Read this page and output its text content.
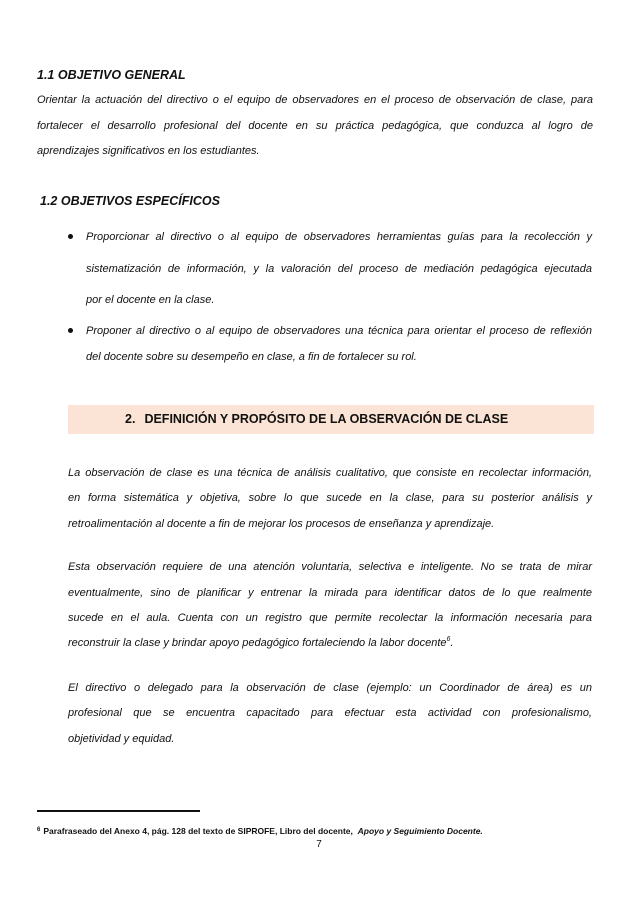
1.1 OBJETIVO GENERAL
Orientar la actuación del directivo o el equipo de observadores en el proceso de observación de clase, para
fortalecer el desarrollo profesional del docente en su práctica pedagógica, que conduzca al logro de
aprendizajes significativos en los estudiantes.
1.2 OBJETIVOS ESPECÍFICOS
Proporcionar al directivo o al equipo de observadores herramientas guías para la recolección y
sistematización de información, y la valoración del proceso de mediación pedagógica ejecutada
por el docente en la clase.
Proponer al directivo o al equipo de observadores una técnica para orientar el proceso de reflexión
del docente sobre su desempeño en clase, a fin de fortalecer su rol.
2. DEFINICIÓN Y PROPÓSITO DE LA OBSERVACIÓN DE CLASE
La observación de clase es una técnica de análisis cualitativo, que consiste en recolectar información,
en forma sistemática y objetiva, sobre lo que sucede en la clase, para su posterior análisis y
retroalimentación al docente a fin de mejorar los procesos de enseñanza y aprendizaje.
Esta observación requiere de una atención voluntaria, selectiva e inteligente. No se trata de mirar
eventualmente, sino de planificar y entrenar la mirada para identificar datos de lo que realmente
sucede en el aula. Cuenta con un registro que permite recolectar la información necesaria para
reconstruir la clase y brindar apoyo pedagógico fortaleciendo la labor docente$^6$.
El directivo o delegado para la observación de clase (ejemplo: un Coordinador de área) es un
profesional que se encuentra capacitado para efectuar esta actividad con profesionalismo,
objetividad y equidad.
$^6$ Parafraseado del Anexo 4, pág. 128 del texto de SIPROFE, Libro del docente, Apoyo y Seguimiento Docente.
7
